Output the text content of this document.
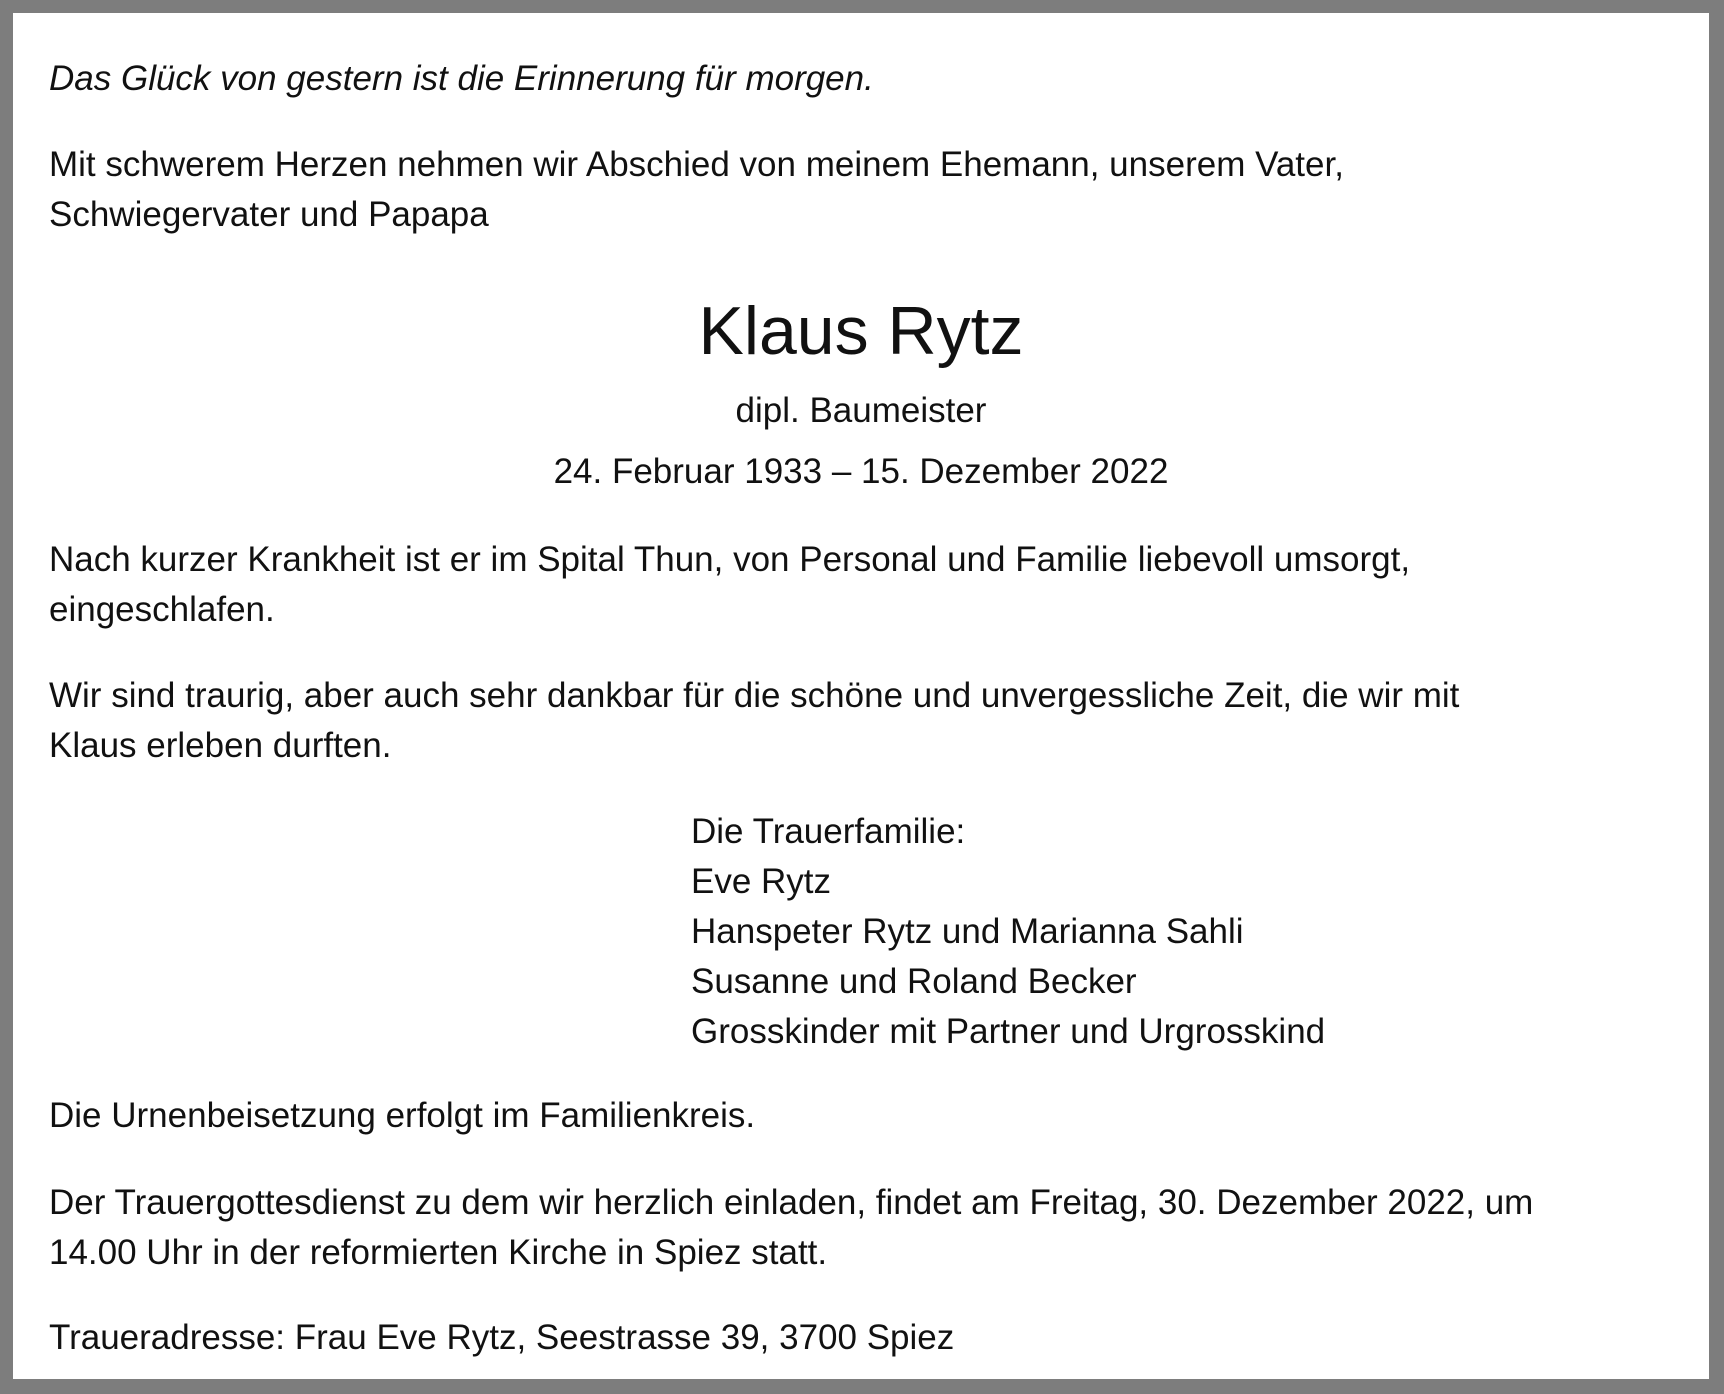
Das Glück von gestern ist die Erinnerung für morgen.

Mit schwerem Herzen nehmen wir Abschied von meinem Ehemann, unserem Vater,

Schwiegervater und Papapa

Klaus Rytz

dipl. Baumeister

24. Februar 1933 – 15. Dezember 2022

Nach kurzer Krankheit ist er im Spital Thun, von Personal und Familie liebevoll umsorgt,

eingeschlafen.

Wir sind traurig, aber auch sehr dankbar für die schöne und unvergessliche Zeit, die wir mit

Klaus erleben durften.

Die Trauerfamilie:
Eve Rytz
Hanspeter Rytz und Marianna Sahli
Susanne und Roland Becker
Grosskinder mit Partner und Urgrosskind

Die Urnenbeisetzung erfolgt im Familienkreis.

Der Trauergottesdienst zu dem wir herzlich einladen, findet am Freitag, 30. Dezember 2022, um

14.00 Uhr in der reformierten Kirche in Spiez statt.

Traueradresse: Frau Eve Rytz, Seestrasse 39, 3700 Spiez
